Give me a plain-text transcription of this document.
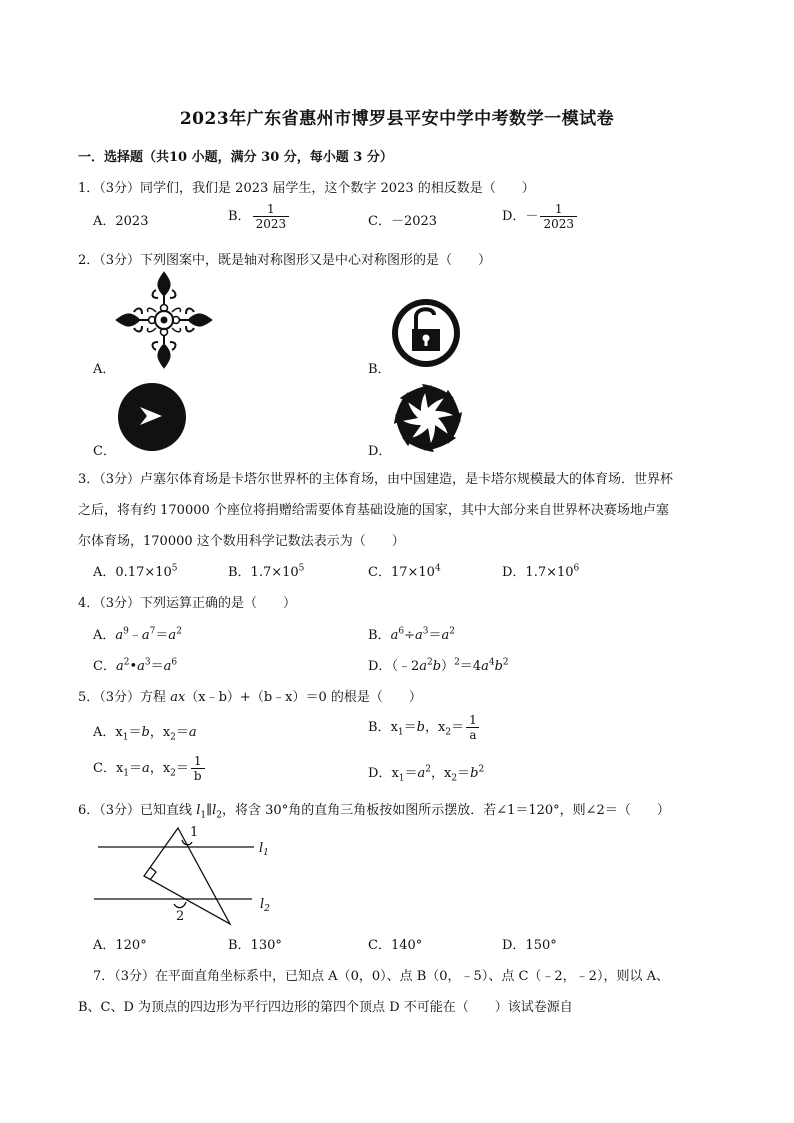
2023年广东省惠州市博罗县平安中学中考数学一模试卷
一．选择题（共10 小题，满分 30 分，每小题 3 分）
1．（3分）同学们，我们是 2023 届学生，这个数字 2023 的相反数是（　　）
A．2023	B． $\frac{1}{2023}$	C．－2023	D．－ $\frac{1}{2023}$
2．（3分）下列图案中，既是轴对称图形又是中心对称图形的是（　　）
A．	B．
C．	D．
3．（3分）卢塞尔体育场是卡塔尔世界杯的主体育场，由中国建造，是卡塔尔规模最大的体育场．世界杯
之后，将有约 170000 个座位将捐赠给需要体育基础设施的国家，其中大部分来自世界杯决赛场地卢塞
尔体育场，170000 这个数用科学记数法表示为（　　）
A．$0.17\times 10^5$	B．$1.7\times 10^5$	C．$17\times 10^4$	D．$1.7\times 10^6$
4．（3分）下列运算正确的是（　　）
A．$a^9﹣a^7=a^2$	B．$a^6\div a^3=a^2$
C．$a^2•a^3=a^6$	D．$(﹣2a^2b)^2=4a^4b^2$
5．（3分）方程 ax（x﹣b）+（b﹣x）＝0 的根是（　　）
A．$x_1=b$，$x_2=a$	B．$x_1=b$，$x_2= \frac{1}{a}$
C．$x_1=a$，$x_2= \frac{1}{b}$	D．$x_1=a^2$，$x_2=b^2$
6．（3分）已知直线 $l_1\parallel l_2$，将含 30°角的直角三角板按如图所示摆放．若∠1＝120°，则∠2＝（　　）
1
2
$l_1$
$l_2$
A．120°	B．130°	C．140°	D．150°
7．（3分）在平面直角坐标系中，已知点 A（0，0）、点 B（0，﹣5）、点 C（﹣2，﹣2），则以 A、
B、C、D 为顶点的四边形为平行四边形的第四个顶点 D 不可能在（　　）该试卷源自
